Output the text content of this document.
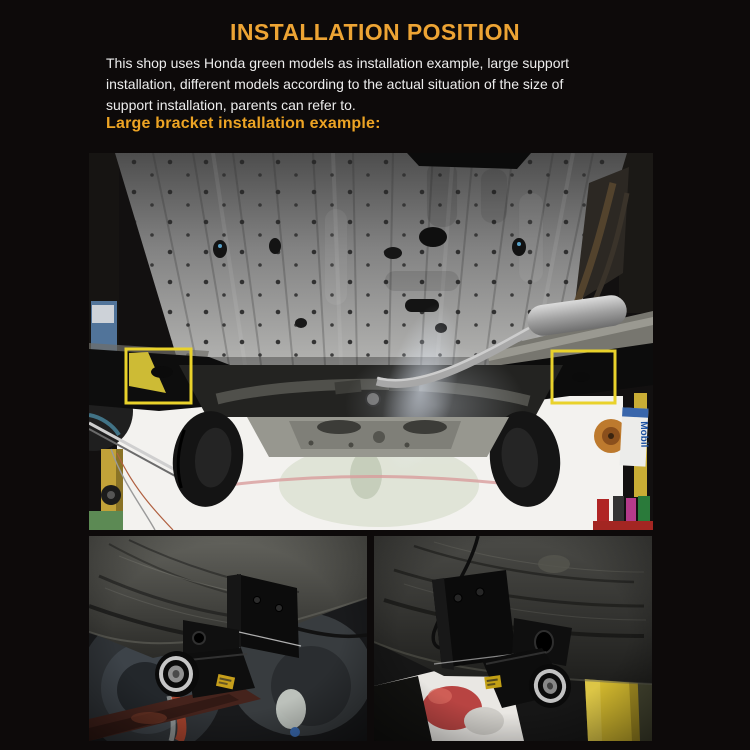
INSTALLATION POSITION
This shop uses Honda green models as installation example, large support
installation, different models according to the actual situation of the size of
support installation, parents can refer to.
Large bracket installation example:
Mobil
